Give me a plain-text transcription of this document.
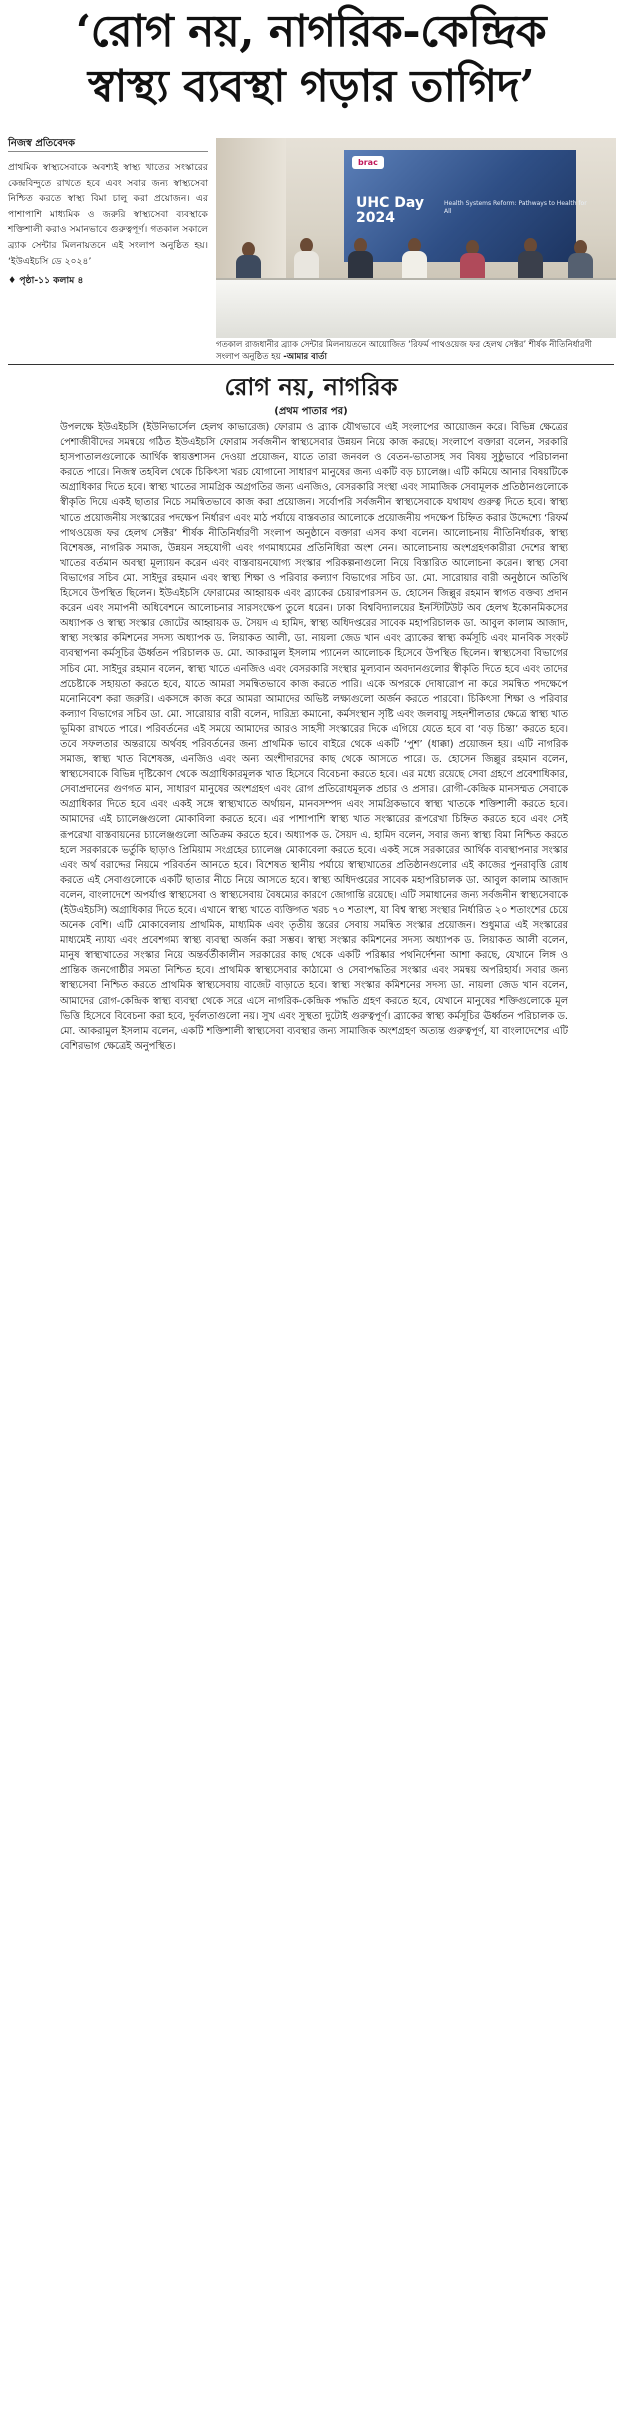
‘রোগ নয়, নাগরিক-কেন্দ্রিক
স্বাস্থ্য ব্যবস্থা গড়ার তাগিদ’
নিজস্ব প্রতিবেদক
প্রাথমিক স্বাস্থ্যসেবাকে অবশ্যই স্বাস্থ্য খাতের সংস্কারের কেন্দ্রবিন্দুতে রাখতে হবে এবং সবার জন্য স্বাস্থ্যসেবা নিশ্চিত করতে স্বাস্থ্য বিমা চালু করা প্রয়োজন। এর পাশাপাশি মাধ্যমিক ও জরুরি স্বাস্থ্যসেবা ব্যবস্থাকে শক্তিশালী করাও সমানভাবে গুরুত্বপূর্ণ। গতকাল সকালে ব্র্যাক সেন্টার মিলনায়তনে এই সংলাপ অনুষ্ঠিত হয়। ‘ইউএইচসি ডে ২০২৪’
♦ পৃষ্ঠা-১১ কলাম ৪
brac
UHC Day
2024
Health Systems Reform: Pathways to Health for All
গতকাল রাজধানীর ব্র্যাক সেন্টার মিলনায়তনে আয়োজিত ‘রিফর্ম পাথওয়েজ ফর হেলথ সেক্টর’ শীর্ষক নীতিনির্ধারণী সংলাপ অনুষ্ঠিত হয় -আমার বার্তা
রোগ নয়, নাগরিক
(প্রথম পাতার পর)
উপলক্ষে ইউএইচসি (ইউনিভার্সেল হেলথ কাভারেজ) ফোরাম ও ব্র্যাক যৌথভাবে এই সংলাপের আয়োজন করে। বিভিন্ন ক্ষেত্রের পেশাজীবীদের সমন্বয়ে গঠিত ইউএইচসি ফোরাম সর্বজনীন স্বাস্থ্যসেবার উন্নয়ন নিয়ে কাজ করছে। সংলাপে বক্তারা বলেন, সরকারি হাসপাতালগুলোকে আর্থিক স্বায়ত্তশাসন দেওয়া প্রয়োজন, যাতে তারা জনবল ও বেতন-ভাতাসহ সব বিষয় সুষ্ঠুভাবে পরিচালনা করতে পারে। নিজস্ব তহবিল থেকে চিকিৎসা খরচ যোগানো সাধারণ মানুষের জন্য একটি বড় চ্যালেঞ্জ। এটি কমিয়ে আনার বিষয়টিকে অগ্রাধিকার দিতে হবে। স্বাস্থ্য খাতের সামগ্রিক অগ্রগতির জন্য এনজিও, বেসরকারি সংস্থা এবং সামাজিক সেবামূলক প্রতিষ্ঠানগুলোকে স্বীকৃতি দিয়ে একই ছাতার নিচে সমন্বিতভাবে কাজ করা প্রয়োজন। সর্বোপরি সর্বজনীন স্বাস্থ্যসেবাকে যথাযথ গুরুত্ব দিতে হবে। স্বাস্থ্য খাতে প্রয়োজনীয় সংস্কারের পদক্ষেপ নির্ধারণ এবং মাঠ পর্যায়ে বাস্তবতার আলোকে প্রয়োজনীয় পদক্ষেপ চিহ্নিত করার উদ্দেশ্যে ‘রিফর্ম পাথওয়েজ ফর হেলথ সেক্টর’ শীর্ষক নীতিনির্ধারণী সংলাপ অনুষ্ঠানে বক্তারা এসব কথা বলেন। আলোচনায় নীতিনির্ধারক, স্বাস্থ্য বিশেষজ্ঞ, নাগরিক সমাজ, উন্নয়ন সহযোগী এবং গণমাধ্যমের প্রতিনিধিরা অংশ নেন। আলোচনায় অংশগ্রহণকারীরা দেশের স্বাস্থ্য খাতের বর্তমান অবস্থা মূল্যায়ন করেন এবং বাস্তবায়নযোগ্য সংস্কার পরিকল্পনাগুলো নিয়ে বিস্তারিত আলোচনা করেন। স্বাস্থ্য সেবা বিভাগের সচিব মো. সাইদুর রহমান এবং স্বাস্থ্য শিক্ষা ও পরিবার কল্যাণ বিভাগের সচিব ডা. মো. সারোয়ার বারী অনুষ্ঠানে অতিথি হিসেবে উপস্থিত ছিলেন। ইউএইচসি ফোরামের আহ্বায়ক এবং ব্র্যাকের চেয়ারপারসন ড. হোসেন জিল্লুর রহমান স্বাগত বক্তব্য প্রদান করেন এবং সমাপনী অধিবেশনে আলোচনার সারসংক্ষেপ তুলে ধরেন। ঢাকা বিশ্ববিদ্যালয়ের ইনস্টিটিউট অব হেলথ ইকোনমিকসের অধ্যাপক ও স্বাস্থ্য সংস্কার জোটের আহ্বায়ক ড. সৈয়দ এ হামিদ, স্বাস্থ্য অধিদপ্তরের সাবেক মহাপরিচালক ডা. আবুল কালাম আজাদ, স্বাস্থ্য সংস্কার কমিশনের সদস্য অধ্যাপক ড. লিয়াকত আলী, ডা. নায়লা জেড খান এবং ব্র্যাকের স্বাস্থ্য কর্মসূচি এবং মানবিক সংকট ব্যবস্থাপনা কর্মসূচির ঊর্ধ্বতন পরিচালক ড. মো. আকরামুল ইসলাম প্যানেল আলোচক হিসেবে উপস্থিত ছিলেন। স্বাস্থ্যসেবা বিভাগের সচিব মো. সাইদুর রহমান বলেন, স্বাস্থ্য খাতে এনজিও এবং বেসরকারি সংস্থার মূল্যবান অবদানগুলোর স্বীকৃতি দিতে হবে এবং তাদের প্রচেষ্টাকে সহায়তা করতে হবে, যাতে আমরা সমন্বিতভাবে কাজ করতে পারি। একে অপরকে দোষারোপ না করে সমন্বিত পদক্ষেপে মনোনিবেশ করা জরুরি। একসঙ্গে কাজ করে আমরা আমাদের অভিষ্ট লক্ষ্যগুলো অর্জন করতে পারবো। চিকিৎসা শিক্ষা ও পরিবার কল্যাণ বিভাগের সচিব ডা. মো. সারোয়ার বারী বলেন, দারিদ্র্য কমানো, কর্মসংস্থান সৃষ্টি এবং জলবায়ু সহনশীলতার ক্ষেত্রে স্বাস্থ্য খাত ভূমিকা রাখতে পারে। পরিবর্তনের এই সময়ে আমাদের আরও সাহসী সংস্কারের দিকে এগিয়ে যেতে হবে বা ‘বড় চিন্তা’ করতে হবে। তবে সফলতার অন্তরায়ে অর্থবহ পরিবর্তনের জন্য প্রাথমিক ভাবে বাইরে থেকে একটি ‘পুশ’ (ধাক্কা) প্রয়োজন হয়। এটি নাগরিক সমাজ, স্বাস্থ্য খাত বিশেষজ্ঞ, এনজিও এবং অন্য অংশীদারদের কাছ থেকে আসতে পারে। ড. হোসেন জিল্লুর রহমান বলেন, স্বাস্থ্যসেবাকে বিভিন্ন দৃষ্টিকোণ থেকে অগ্রাধিকারমূলক খাত হিসেবে বিবেচনা করতে হবে। এর মধ্যে রয়েছে সেবা গ্রহণে প্রবেশাধিকার, সেবাপ্রদানের গুণগত মান, সাধারণ মানুষের অংশগ্রহণ এবং রোগ প্রতিরোধমূলক প্রচার ও প্রসার। রোগী-কেন্দ্রিক মানসম্মত সেবাকে অগ্রাধিকার দিতে হবে এবং একই সঙ্গে স্বাস্থ্যখাতে অর্থায়ন, মানবসম্পদ এবং সামগ্রিকভাবে স্বাস্থ্য খাতকে শক্তিশালী করতে হবে। আমাদের এই চ্যালেঞ্জগুলো মোকাবিলা করতে হবে। এর পাশাপাশি স্বাস্থ্য খাত সংস্কারের রূপরেখা চিহ্নিত করতে হবে এবং সেই রূপরেখা বাস্তবায়নের চ্যালেঞ্জগুলো অতিক্রম করতে হবে। অধ্যাপক ড. সৈয়দ এ. হামিদ বলেন, সবার জন্য স্বাস্থ্য বিমা নিশ্চিত করতে হলে সরকারকে ভর্তুকি ছাড়াও প্রিমিয়াম সংগ্রহের চ্যালেঞ্জ মোকাবেলা করতে হবে। একই সঙ্গে সরকারের আর্থিক ব্যবস্থাপনার সংস্কার এবং অর্থ বরাদ্দের নিয়মে পরিবর্তন আনতে হবে। বিশেষত স্থানীয় পর্যায়ে স্বাস্থ্যখাতের প্রতিষ্ঠানগুলোর এই কাজের পুনরাবৃত্তি রোধ করতে এই সেবাগুলোকে একটি ছাতার নীচে নিয়ে আসতে হবে। স্বাস্থ্য অধিদপ্তরের সাবেক মহাপরিচালক ডা. আবুল কালাম আজাদ বলেন, বাংলাদেশে অপর্যাপ্ত স্বাস্থ্যসেবা ও স্বাস্থ্যসেবায় বৈষম্যের কারণে জোগান্তি রয়েছে। এটি সমাধানের জন্য সর্বজনীন স্বাস্থ্যসেবাকে (ইউএইচসি) অগ্রাধিকার দিতে হবে। এখানে স্বাস্থ্য খাতে ব্যক্তিগত খরচ ৭০ শতাংশ, যা বিশ্ব স্বাস্থ্য সংস্থার নির্ধারিত ২০ শতাংশের চেয়ে অনেক বেশি। এটি মোকাবেলায় প্রাথমিক, মাধ্যমিক এবং তৃতীয় স্তরের সেবায় সমন্বিত সংস্কার প্রয়োজন। শুধুমাত্র এই সংস্কারের মাধ্যমেই ন্যায্য এবং প্রবেশগম্য স্বাস্থ্য ব্যবস্থা অর্জন করা সম্ভব। স্বাস্থ্য সংস্কার কমিশনের সদস্য অধ্যাপক ড. লিয়াকত আলী বলেন, মানুষ স্বাস্থ্যখাতের সংস্কার নিয়ে অন্তর্বর্তীকালীন সরকারের কাছ থেকে একটি পরিষ্কার পথনির্দেশনা আশা করছে, যেখানে লিঙ্গ ও প্রান্তিক জনগোষ্ঠীর সমতা নিশ্চিত হবে। প্রাথমিক স্বাস্থ্যসেবার কাঠামো ও সেবাপদ্ধতির সংস্কার এবং সমন্বয় অপরিহার্য। সবার জন্য স্বাস্থ্যসেবা নিশ্চিত করতে প্রাথমিক স্বাস্থ্যসেবায় বাজেট বাড়াতে হবে। স্বাস্থ্য সংস্কার কমিশনের সদস্য ডা. নায়লা জেড খান বলেন, আমাদের রোগ-কেন্দ্রিক স্বাস্থ্য ব্যবস্থা থেকে সরে এসে নাগরিক-কেন্দ্রিক পদ্ধতি গ্রহণ করতে হবে, যেখানে মানুষের শক্তিগুলোকে মূল ভিত্তি হিসেবে বিবেচনা করা হবে, দুর্বলতাগুলো নয়। সুখ এবং সুস্থতা দুটোই গুরুত্বপূর্ণ। ব্র্যাকের স্বাস্থ্য কর্মসূচির ঊর্ধ্বতন পরিচালক ড. মো. আকরামুল ইসলাম বলেন, একটি শক্তিশালী স্বাস্থ্যসেবা ব্যবস্থার জন্য সামাজিক অংশগ্রহণ অত্যন্ত গুরুত্বপূর্ণ, যা বাংলাদেশের এটি বেশিরভাগ ক্ষেত্রেই অনুপস্থিত।
